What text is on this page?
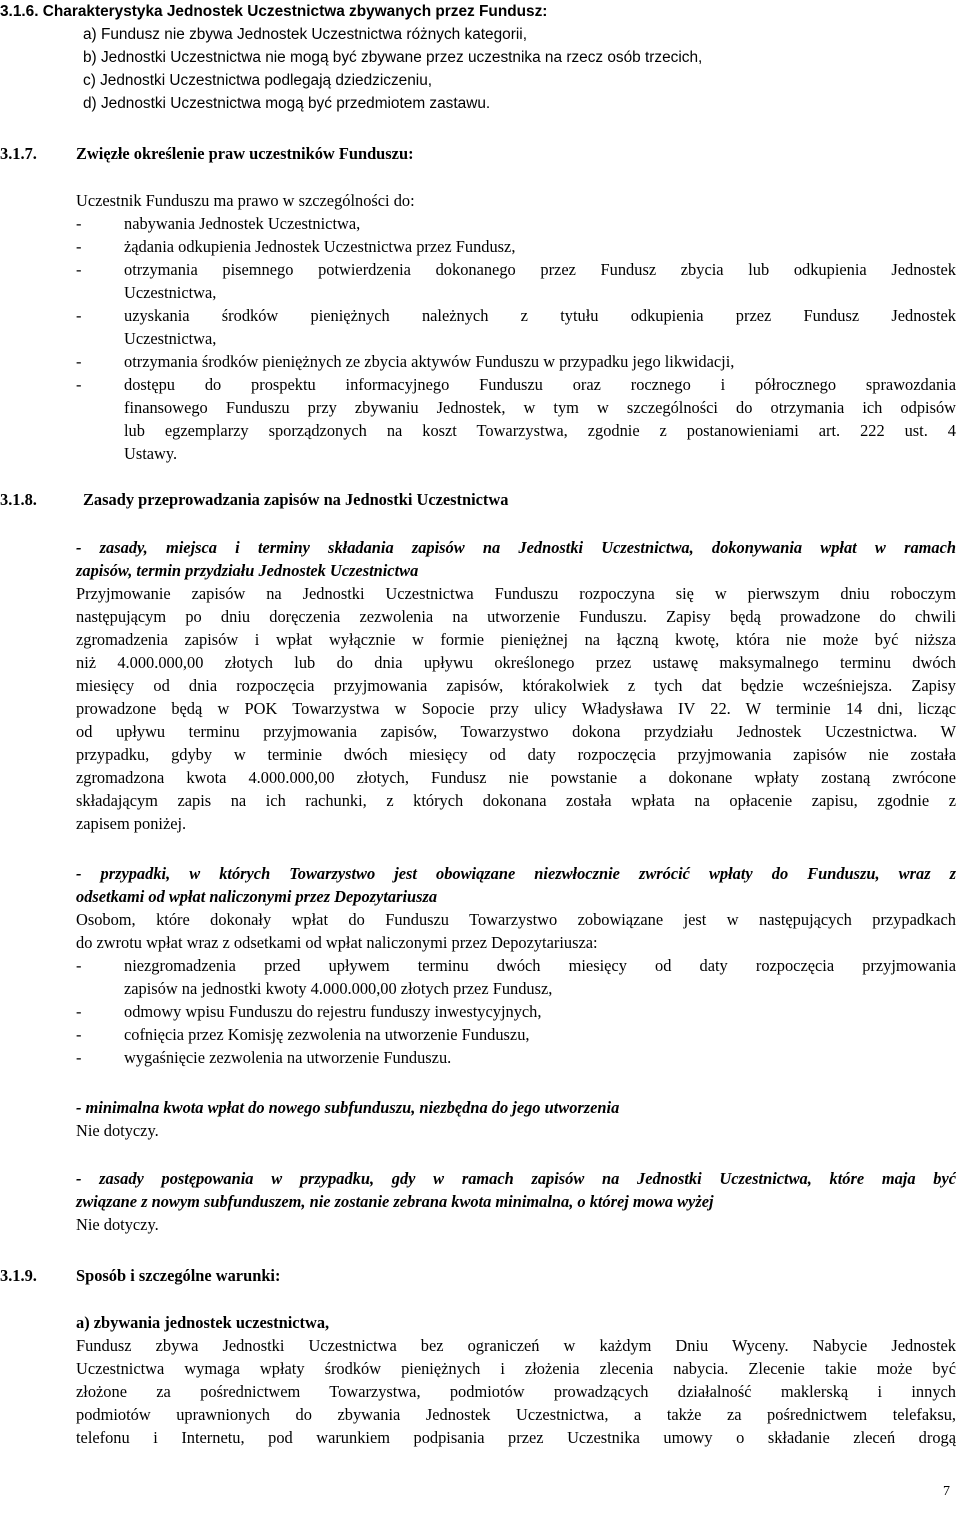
3.1.6. Charakterystyka Jednostek Uczestnictwa zbywanych przez Fundusz:
a) Fundusz nie zbywa Jednostek Uczestnictwa różnych kategorii,
b) Jednostki Uczestnictwa nie mogą być zbywane przez uczestnika na rzecz osób trzecich,
c) Jednostki Uczestnictwa podlegają dziedziczeniu,
d) Jednostki Uczestnictwa mogą być przedmiotem zastawu.
3.1.7. Zwięzłe określenie praw uczestników Funduszu:
Uczestnik Funduszu ma prawo w szczególności do:
-	nabywania Jednostek Uczestnictwa,
-	żądania odkupienia Jednostek Uczestnictwa przez Fundusz,
-	otrzymania pisemnego potwierdzenia dokonanego przez Fundusz zbycia lub odkupienia Jednostek
Uczestnictwa,
-	uzyskania środków pieniężnych należnych z tytułu odkupienia przez Fundusz Jednostek
Uczestnictwa,
-	otrzymania środków pieniężnych ze zbycia aktywów Funduszu w przypadku jego likwidacji,
-	dostępu do prospektu informacyjnego Funduszu oraz rocznego i półrocznego sprawozdania
finansowego Funduszu przy zbywaniu Jednostek, w tym w szczególności do otrzymania ich odpisów
lub egzemplarzy sporządzonych na koszt Towarzystwa, zgodnie z postanowieniami art. 222 ust. 4
Ustawy.
3.1.8.	Zasady przeprowadzania zapisów na Jednostki Uczestnictwa
- zasady, miejsca i terminy składania zapisów na Jednostki Uczestnictwa, dokonywania wpłat w ramach
zapisów, termin przydziału Jednostek Uczestnictwa
Przyjmowanie zapisów na Jednostki Uczestnictwa Funduszu rozpoczyna się w pierwszym dniu roboczym
następującym po dniu doręczenia zezwolenia na utworzenie Funduszu. Zapisy będą prowadzone do chwili
zgromadzenia zapisów i wpłat wyłącznie w formie pieniężnej na łączną kwotę, która nie może być niższa
niż 4.000.000,00 złotych lub do dnia upływu określonego przez ustawę maksymalnego terminu dwóch
miesięcy od dnia rozpoczęcia przyjmowania zapisów, którakolwiek z tych dat będzie wcześniejsza. Zapisy
prowadzone będą w POK Towarzystwa w Sopocie przy ulicy Władysława IV 22. W terminie 14 dni, licząc
od upływu terminu przyjmowania zapisów, Towarzystwo dokona przydziału Jednostek Uczestnictwa. W
przypadku, gdyby w terminie dwóch miesięcy od daty rozpoczęcia przyjmowania zapisów nie została
zgromadzona kwota 4.000.000,00 złotych, Fundusz nie powstanie a dokonane wpłaty zostaną zwrócone
składającym zapis na ich rachunki, z których dokonana została wpłata na opłacenie zapisu, zgodnie z
zapisem poniżej.
- przypadki, w których Towarzystwo jest obowiązane niezwłocznie zwrócić wpłaty do Funduszu, wraz z
odsetkami od wpłat naliczonymi przez Depozytariusza
Osobom, które dokonały wpłat do Funduszu Towarzystwo zobowiązane jest w następujących przypadkach
do zwrotu wpłat wraz z odsetkami od wpłat naliczonymi przez Depozytariusza:
-	niezgromadzenia przed upływem terminu dwóch miesięcy od daty rozpoczęcia przyjmowania
zapisów na jednostki kwoty 4.000.000,00 złotych przez Fundusz,
-	odmowy wpisu Funduszu do rejestru funduszy inwestycyjnych,
-	cofnięcia przez Komisję zezwolenia na utworzenie Funduszu,
-	wygaśnięcie zezwolenia na utworzenie Funduszu.
- minimalna kwota wpłat do nowego subfunduszu, niezbędna do jego utworzenia
Nie dotyczy.
- zasady postępowania w przypadku, gdy w ramach zapisów na Jednostki Uczestnictwa, które maja być
związane z nowym subfunduszem, nie zostanie zebrana kwota minimalna, o której mowa wyżej
Nie dotyczy.
3.1.9. Sposób i szczególne warunki:
a) zbywania jednostek uczestnictwa,
Fundusz zbywa Jednostki Uczestnictwa bez ograniczeń w każdym Dniu Wyceny. Nabycie Jednostek
Uczestnictwa wymaga wpłaty środków pieniężnych i złożenia zlecenia nabycia. Zlecenie takie może być
złożone za pośrednictwem Towarzystwa, podmiotów prowadzących działalność maklerską i innych
podmiotów uprawnionych do zbywania Jednostek Uczestnictwa, a także za pośrednictwem telefaksu,
telefonu i Internetu, pod warunkiem podpisania przez Uczestnika umowy o składanie zleceń drogą
7
